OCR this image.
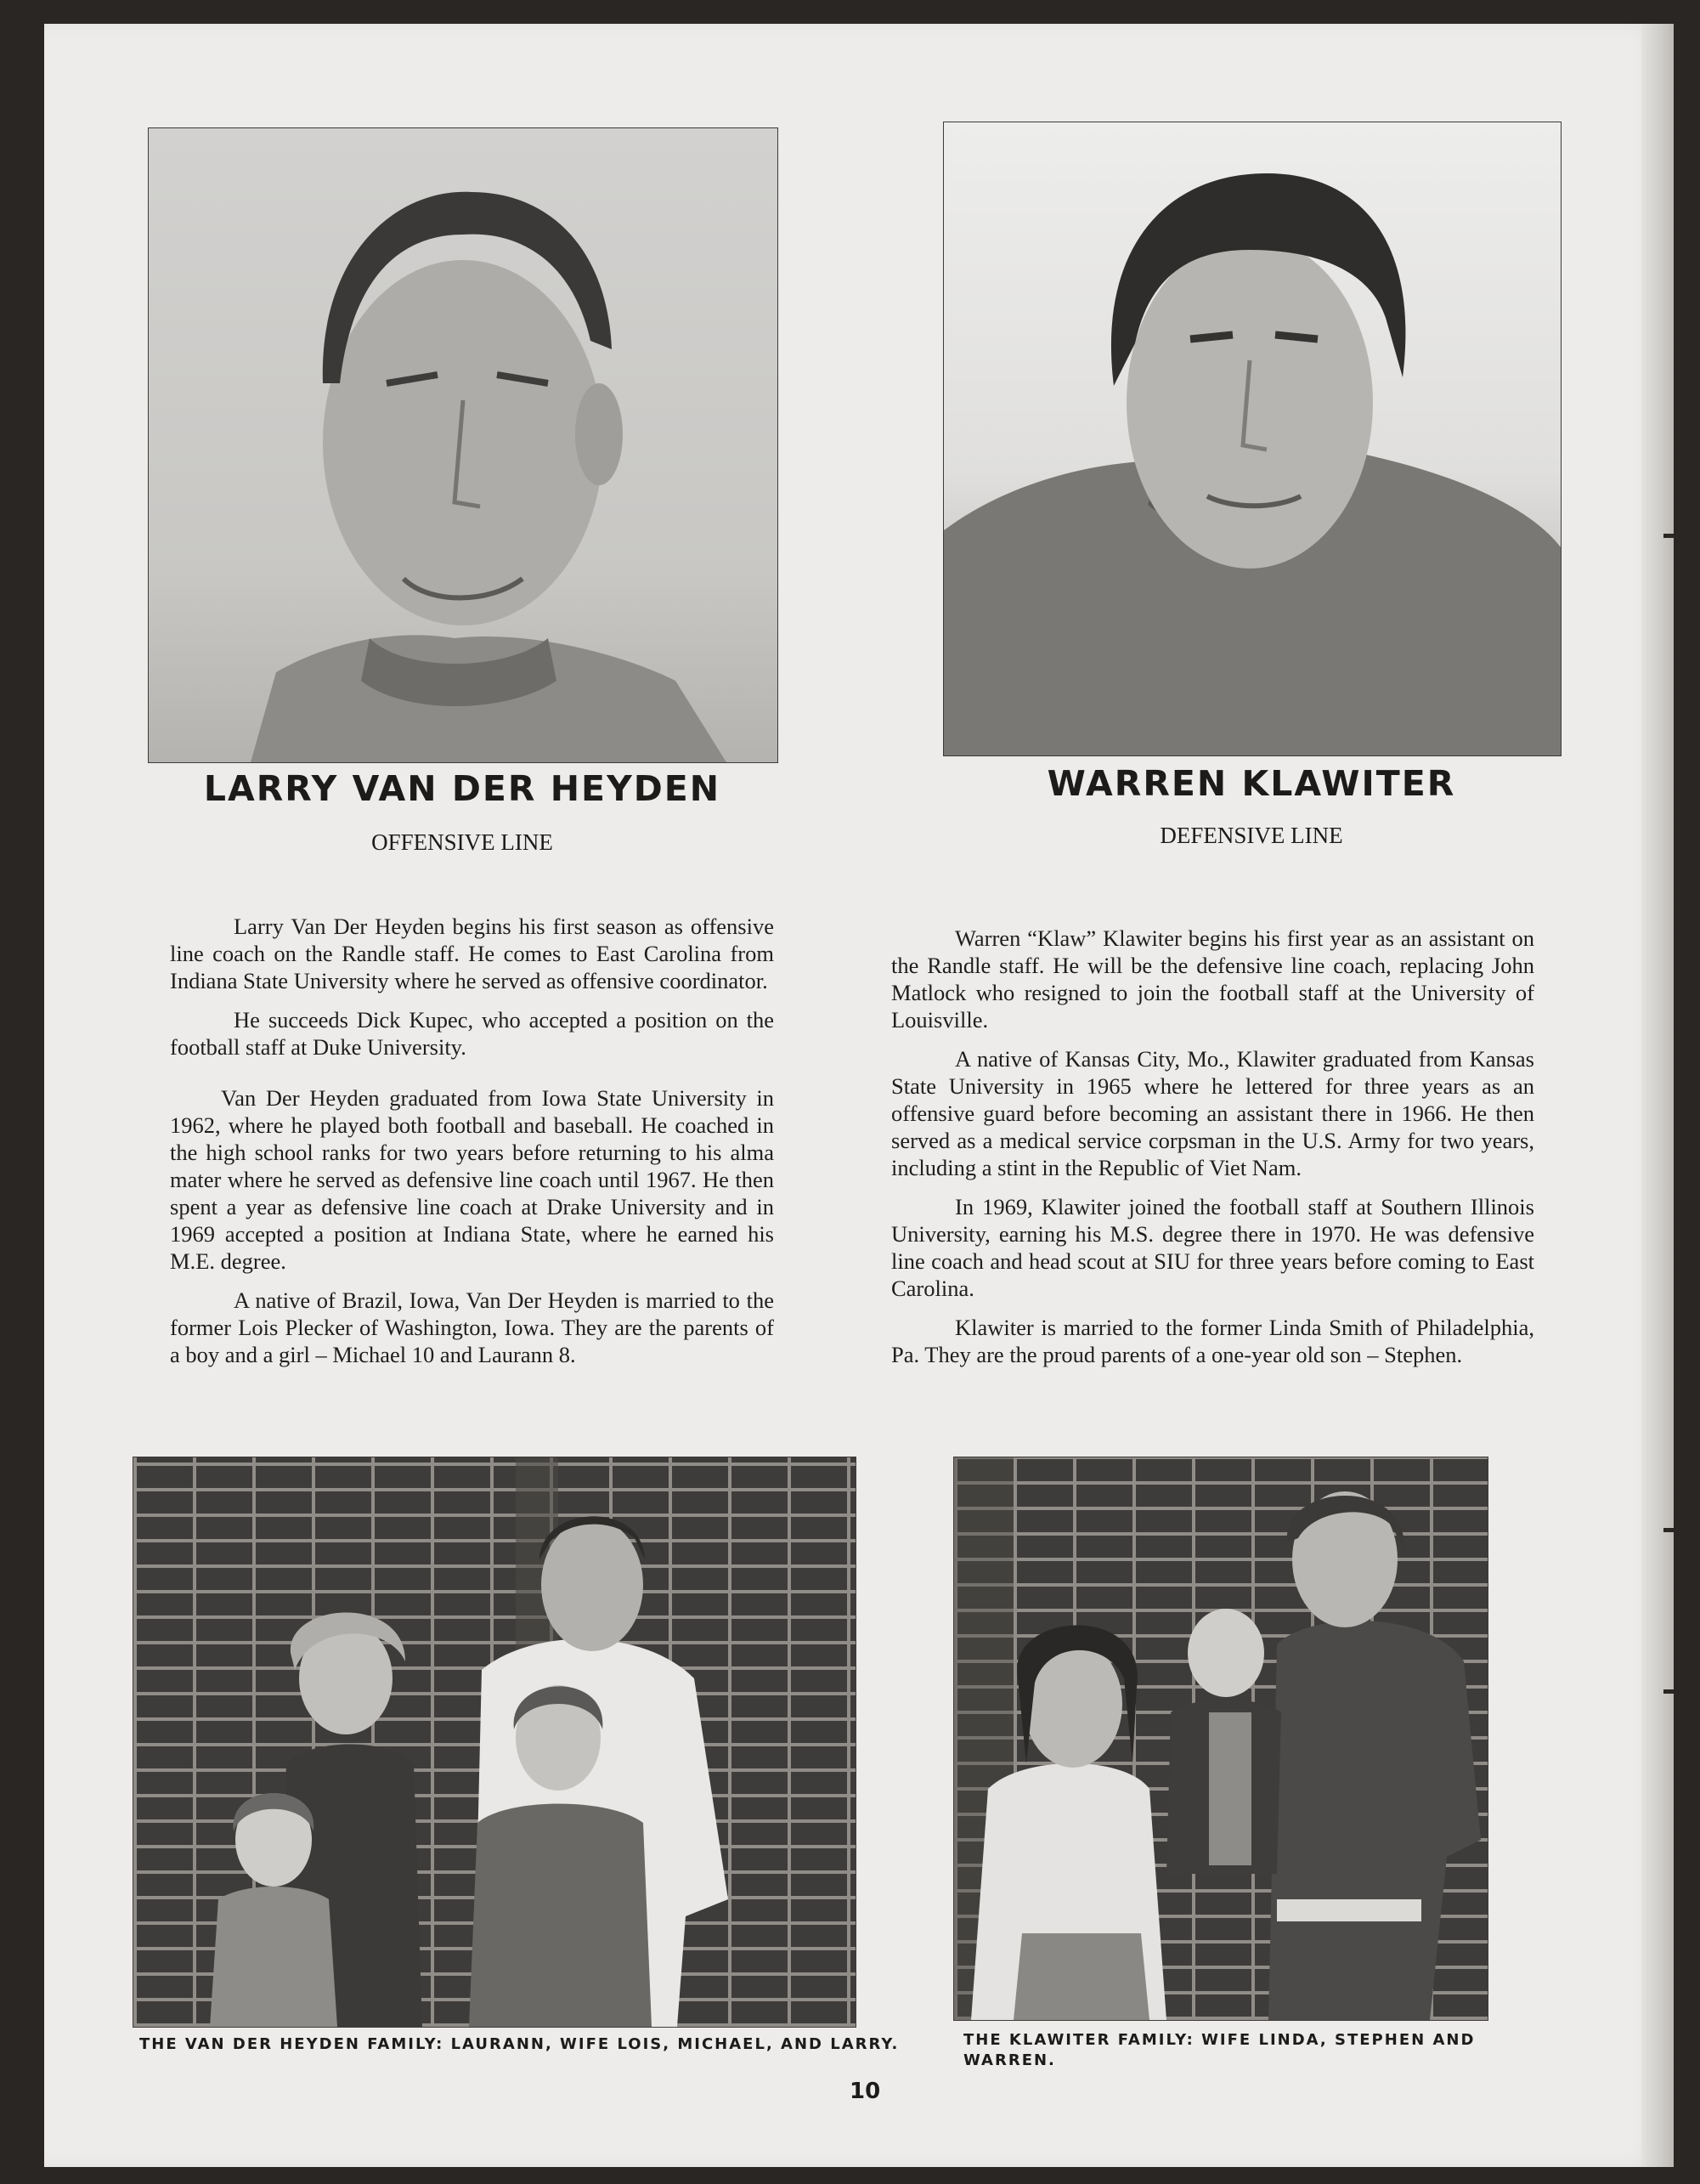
LARRY VAN DER HEYDEN	WARREN KLAWITER
OFFENSIVE LINE	DEFENSIVE LINE

Larry Van Der Heyden begins his first season as offensive line coach on the Randle staff. He comes to East Carolina from Indiana State University where he served as offensive coordinator.

He succeeds Dick Kupec, who accepted a position on the football staff at Duke University.

Van Der Heyden graduated from Iowa State University in 1962, where he played both football and baseball. He coached in the high school ranks for two years before returning to his alma mater where he served as defensive line coach until 1967. He then spent a year as defensive line coach at Drake University and in 1969 accepted a position at Indiana State, where he earned his M.E. degree.

A native of Brazil, Iowa, Van Der Heyden is married to the former Lois Plecker of Washington, Iowa. They are the parents of a boy and a girl – Michael 10 and Laurann 8.

Warren “Klaw” Klawiter begins his first year as an assistant on the Randle staff. He will be the defensive line coach, replacing John Matlock who resigned to join the football staff at the University of Louisville.

A native of Kansas City, Mo., Klawiter graduated from Kansas State University in 1965 where he lettered for three years as an offensive guard before becoming an assistant there in 1966. He then served as a medical service corpsman in the U.S. Army for two years, including a stint in the Republic of Viet Nam.

In 1969, Klawiter joined the football staff at Southern Illinois University, earning his M.S. degree there in 1970. He was defensive line coach and head scout at SIU for three years before coming to East Carolina.

Klawiter is married to the former Linda Smith of Philadelphia, Pa. They are the proud parents of a one-year old son – Stephen.

THE VAN DER HEYDEN FAMILY: LAURANN, WIFE LOIS, MICHAEL, AND LARRY.	THE KLAWITER FAMILY: WIFE LINDA, STEPHEN AND WARREN.
10
